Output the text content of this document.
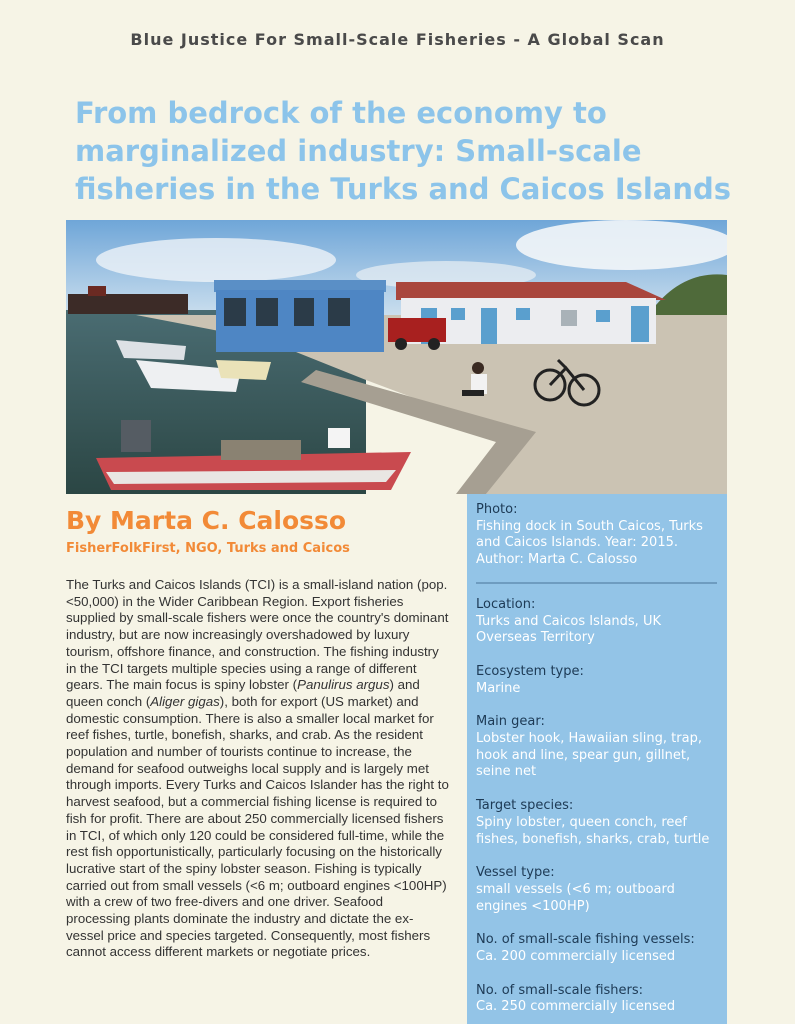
Blue Justice For Small-Scale Fisheries - A Global Scan
From bedrock of the economy to marginalized industry: Small-scale fisheries in the Turks and Caicos Islands
By Marta C. Calosso
FisherFolkFirst, NGO, Turks and Caicos
The Turks and Caicos Islands (TCI) is a small-island nation (pop. <50,000) in the Wider Caribbean Region. Export fisheries supplied by small-scale fishers were once the country's dominant industry, but are now increasingly overshadowed by luxury tourism, offshore finance, and construction. The fishing industry in the TCI targets multiple species using a range of different gears. The main focus is spiny lobster (Panulirus argus) and queen conch (Aliger gigas), both for export (US market) and domestic consumption. There is also a smaller local market for reef fishes, turtle, bonefish, sharks, and crab. As the resident population and number of tourists continue to increase, the demand for seafood outweighs local supply and is largely met through imports. Every Turks and Caicos Islander has the right to harvest seafood, but a commercial fishing license is required to fish for profit. There are about 250 commercially licensed fishers in TCI, of which only 120 could be considered full-time, while the rest fish opportunistically, particularly focusing on the historically lucrative start of the spiny lobster season. Fishing is typically carried out from small vessels (<6 m; outboard engines <100HP) with a crew of two free-divers and one driver. Seafood processing plants dominate the industry and dictate the ex-vessel price and species targeted. Consequently, most fishers cannot access different markets or negotiate prices.
Photo:
Fishing dock in South Caicos, Turks and Caicos Islands. Year: 2015. Author: Marta C. Calosso
Location:
Turks and Caicos Islands, UK Overseas Territory
Ecosystem type:
Marine
Main gear:
Lobster hook, Hawaiian sling, trap, hook and line, spear gun, gillnet, seine net
Target species:
Spiny lobster, queen conch, reef fishes, bonefish, sharks, crab, turtle
Vessel type:
small vessels (<6 m; outboard engines <100HP)
No. of small-scale fishing vessels:
Ca. 200 commercially licensed
No. of small-scale fishers:
Ca. 250 commercially licensed
